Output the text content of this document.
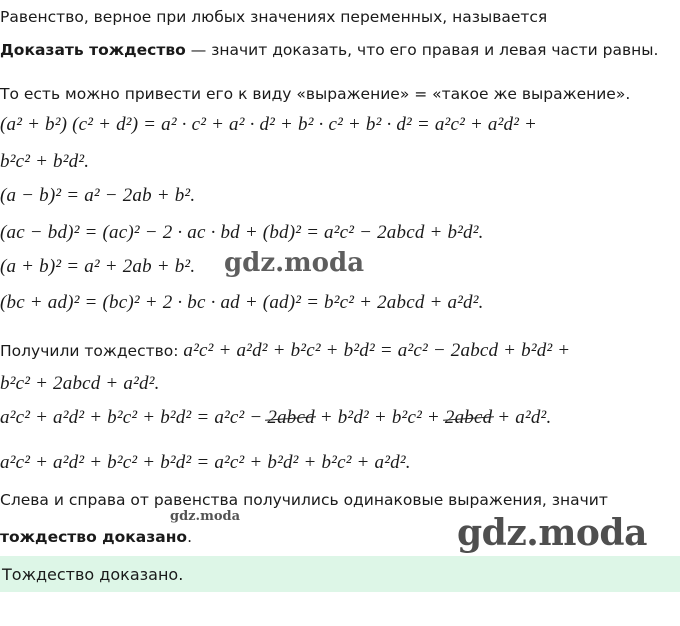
Равенство, верное при любых значениях переменных, называется
Доказать тождество — значит доказать, что его правая и левая части равны.
То есть можно привести его к виду «выражение» = «такое же выражение».
(a² + b²) (c² + d²) = a² · c² + a² · d² + b² · c² + b² · d² = a²c² + a²d² +
b²c² + b²d².
(a − b)² = a² − 2ab + b².
(ac − bd)² = (ac)² − 2 · ac · bd + (bd)² = a²c² − 2abcd + b²d².
(a + b)² = a² + 2ab + b².
(bc + ad)² = (bc)² + 2 · bc · ad + (ad)² = b²c² + 2abcd + a²d².
Получили тождество: a²c² + a²d² + b²c² + b²d² = a²c² − 2abcd + b²d² +
b²c² + 2abcd + a²d².
a²c² + a²d² + b²c² + b²d² = a²c² − 2abcd + b²d² + b²c² + 2abcd + a²d².
a²c² + a²d² + b²c² + b²d² = a²c² + b²d² + b²c² + a²d².
Слева и справа от равенства получились одинаковые выражения, значит
тождество доказано.
Тождество доказано.
gdz.moda
gdz.moda	gdz.moda
